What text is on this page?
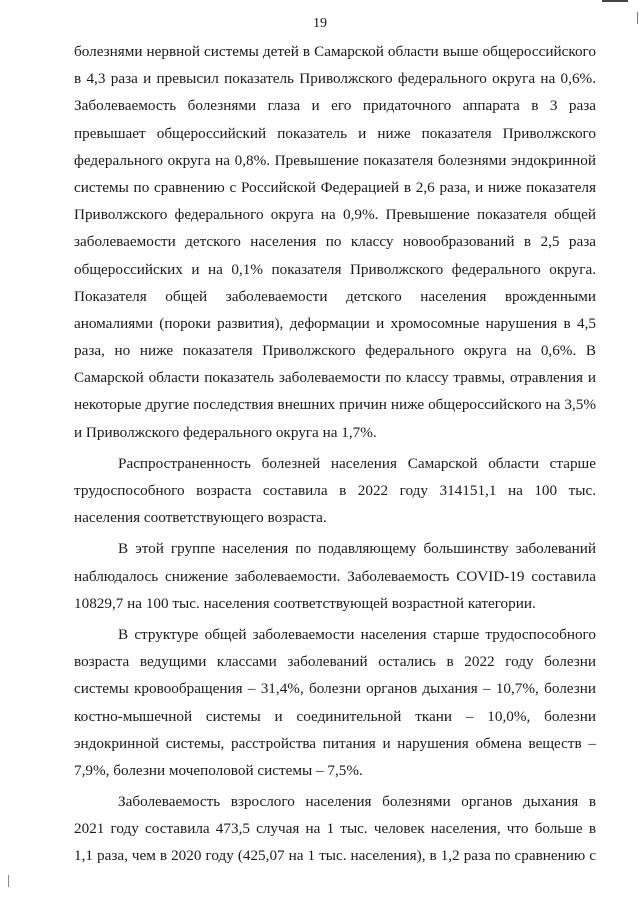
19
болезнями нервной системы детей в Самарской области выше общероссийского
в 4,3 раза и превысил показатель Приволжского федерального округа на 0,6%.
Заболеваемость болезнями глаза и его придаточного аппарата в 3 раза
превышает общероссийский показатель и ниже показателя Приволжского
федерального округа на 0,8%. Превышение показателя болезнями эндокринной
системы по сравнению с Российской Федерацией в 2,6 раза, и ниже показателя
Приволжского федерального округа на 0,9%. Превышение показателя общей
заболеваемости детского населения по классу новообразований в 2,5 раза
общероссийских и на 0,1% показателя Приволжского федерального округа.
Показателя общей заболеваемости детского населения врожденными
аномалиями (пороки развития), деформации и хромосомные нарушения в 4,5
раза, но ниже показателя Приволжского федерального округа на 0,6%. В
Самарской области показатель заболеваемости по классу травмы, отравления и
некоторые другие последствия внешних причин ниже общероссийского на 3,5%
и Приволжского федерального округа на 1,7%.
Распространенность болезней населения Самарской области старше
трудоспособного возраста составила в 2022 году 314151,1 на 100 тыс.
населения соответствующего возраста.
В этой группе населения по подавляющему большинству заболеваний
наблюдалось снижение заболеваемости. Заболеваемость COVID-19 составила
10829,7 на 100 тыс. населения соответствующей возрастной категории.
В структуре общей заболеваемости населения старше трудоспособного
возраста ведущими классами заболеваний остались в 2022 году болезни
системы кровообращения – 31,4%, болезни органов дыхания – 10,7%, болезни
костно-мышечной системы и соединительной ткани – 10,0%, болезни
эндокринной системы, расстройства питания и нарушения обмена веществ –
7,9%, болезни мочеполовой системы – 7,5%.
Заболеваемость взрослого населения болезнями органов дыхания в
2021 году составила 473,5 случая на 1 тыс. человек населения, что больше в
1,1 раза, чем в 2020 году (425,07 на 1 тыс. населения), в 1,2 раза по сравнению с
